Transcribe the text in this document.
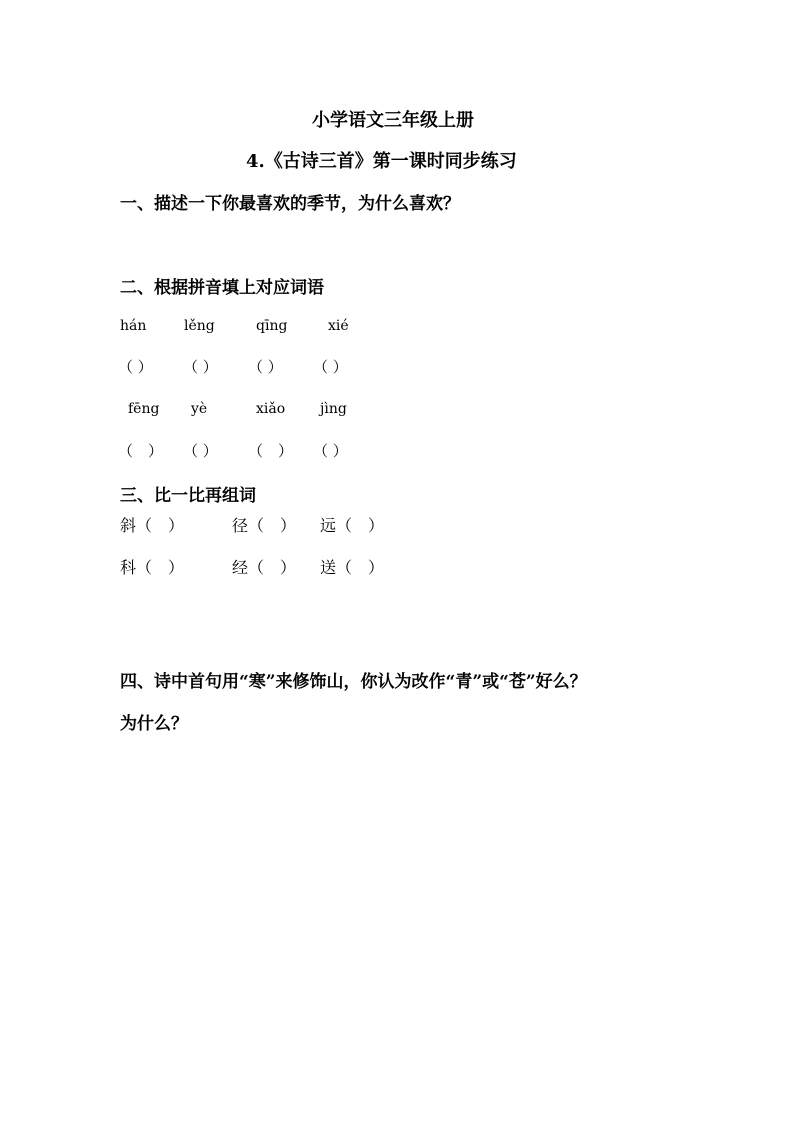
小学语文三年级上册
4.《古诗三首》第一课时同步练习
一、描述一下你最喜欢的季节，为什么喜欢？
二、根据拼音填上对应词语
hán	lěng	qīng	xié
（ ） （ ） （ ） （ ）
fēng yè	xiǎo jìng
（　） （ ） （　） （ ）
三、比一比再组词
斜（　）	径（　） 远（　）
科（　）	经（　） 送（　）
四、诗中首句用“寒”来修饰山，你认为改作“青”或“苍”好么？
为什么？
